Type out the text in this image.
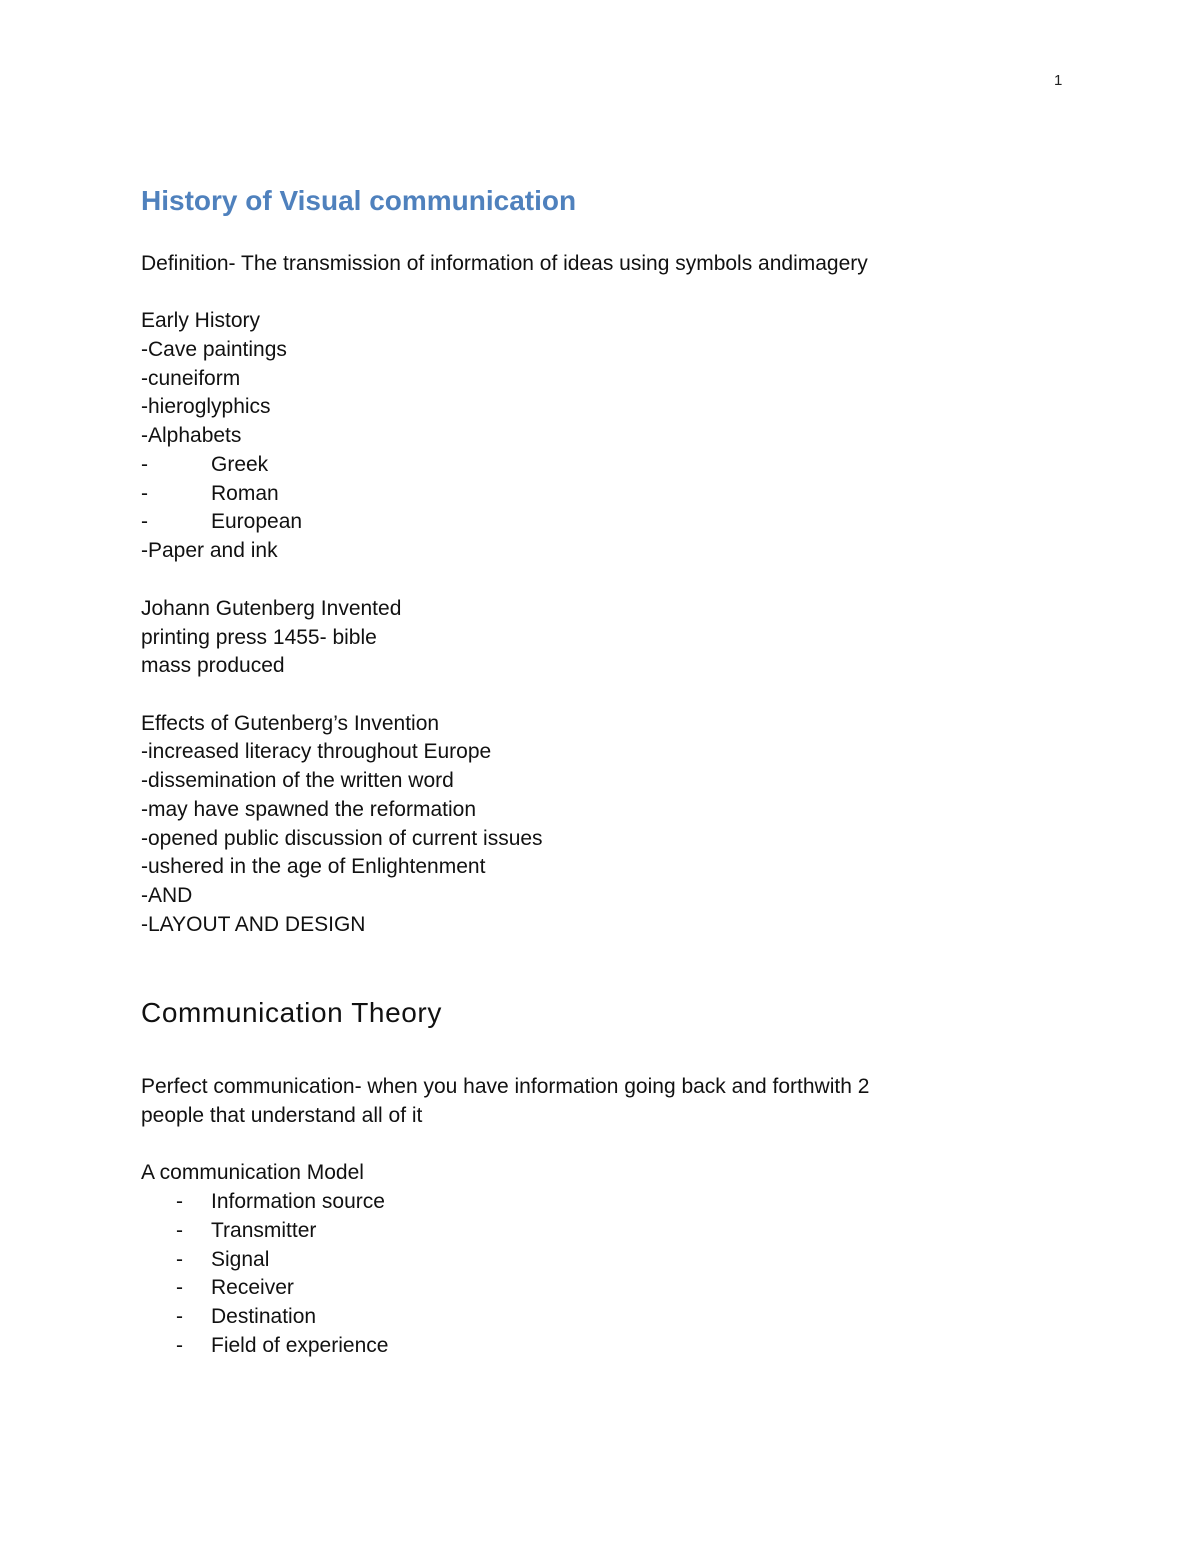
1
History of Visual communication
Definition- The transmission of information of ideas using symbols andimagery
Early History
-Cave paintings
-cuneiform
-hieroglyphics
-Alphabets
-	Greek
-	Roman
-	European
-Paper and ink
Johann Gutenberg Invented
printing press 1455- bible
mass produced
Effects of Gutenberg’s Invention
-increased literacy throughout Europe
-dissemination of the written word
-may have spawned the reformation
-opened public discussion of current issues
-ushered in the age of Enlightenment
-AND
-LAYOUT AND DESIGN
Communication Theory
Perfect communication- when you have information going back and forthwith 2
people that understand all of it
A communication Model
- Information source
- Transmitter
- Signal
- Receiver
- Destination
- Field of experience
